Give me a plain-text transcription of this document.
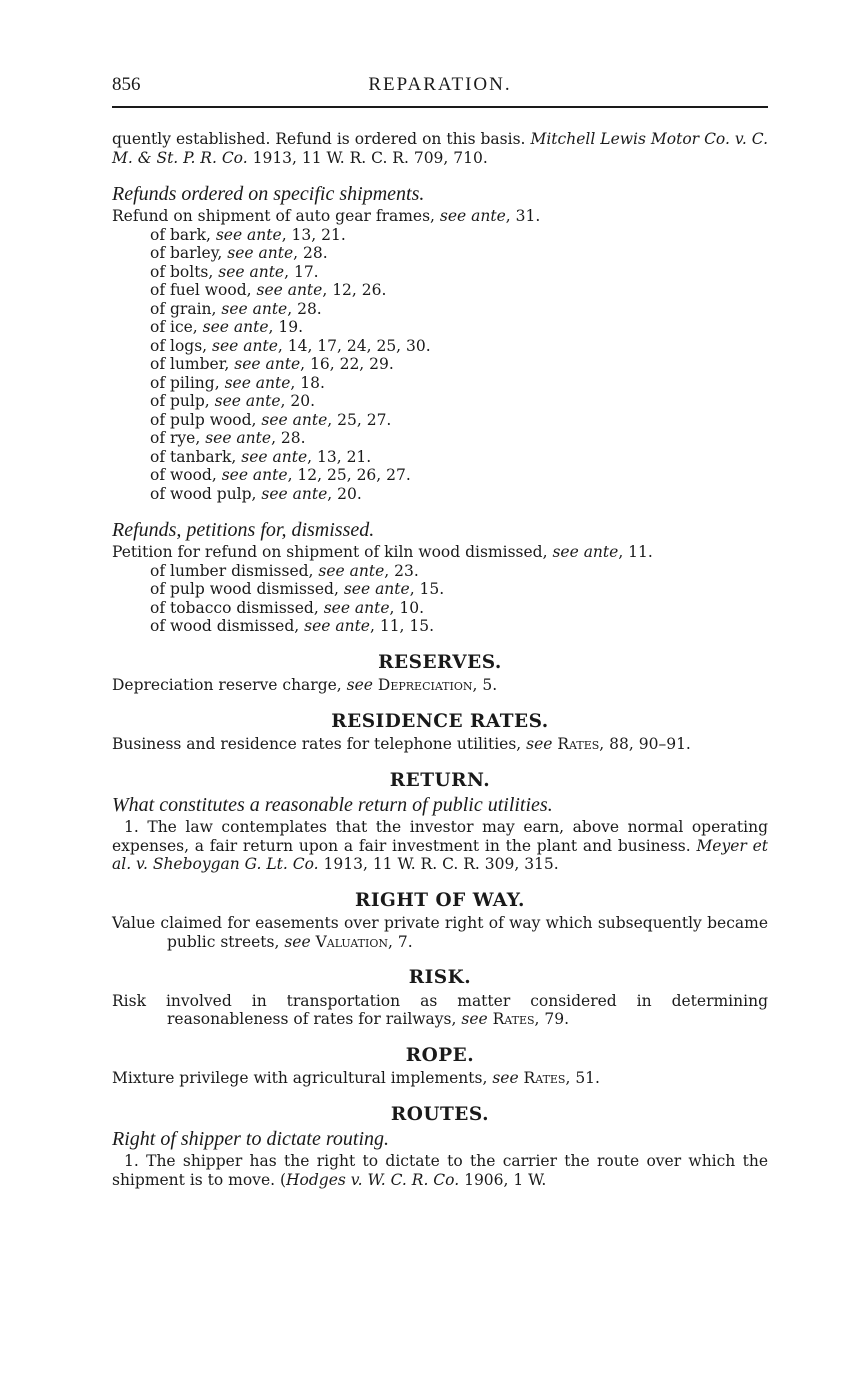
856	REPARATION.

quently established. Refund is ordered on this basis. Mitchell Lewis Motor Co. v. C. M. & St. P. R. Co. 1913, 11 W. R. C. R. 709, 710.

Refunds ordered on specific shipments.

Refund on shipment of auto gear frames, see ante, 31.

of bark, see ante, 13, 21.
of barley, see ante, 28.
of bolts, see ante, 17.
of fuel wood, see ante, 12, 26.
of grain, see ante, 28.
of ice, see ante, 19.
of logs, see ante, 14, 17, 24, 25, 30.
of lumber, see ante, 16, 22, 29.
of piling, see ante, 18.
of pulp, see ante, 20.
of pulp wood, see ante, 25, 27.
of rye, see ante, 28.
of tanbark, see ante, 13, 21.
of wood, see ante, 12, 25, 26, 27.
of wood pulp, see ante, 20.
Refunds, petitions for, dismissed.

Petition for refund on shipment of kiln wood dismissed, see ante, 11.

of lumber dismissed, see ante, 23.
of pulp wood dismissed, see ante, 15.
of tobacco dismissed, see ante, 10.
of wood dismissed, see ante, 11, 15.
RESERVES.

Depreciation reserve charge, see Depreciation, 5.

RESIDENCE RATES.

Business and residence rates for telephone utilities, see Rates, 88, 90–91.

RETURN.
What constitutes a reasonable return of public utilities.

1. The law contemplates that the investor may earn, above normal operating expenses, a fair return upon a fair investment in the plant and business. Meyer et al. v. Sheboygan G. Lt. Co. 1913, 11 W. R. C. R. 309, 315.

RIGHT OF WAY.

Value claimed for easements over private right of way which subsequently became public streets, see Valuation, 7.

RISK.

Risk involved in transportation as matter considered in determining reasonableness of rates for railways, see Rates, 79.

ROPE.

Mixture privilege with agricultural implements, see Rates, 51.

ROUTES.
Right of shipper to dictate routing.

1. The shipper has the right to dictate to the carrier the route over which the shipment is to move. (Hodges v. W. C. R. Co. 1906, 1 W.
